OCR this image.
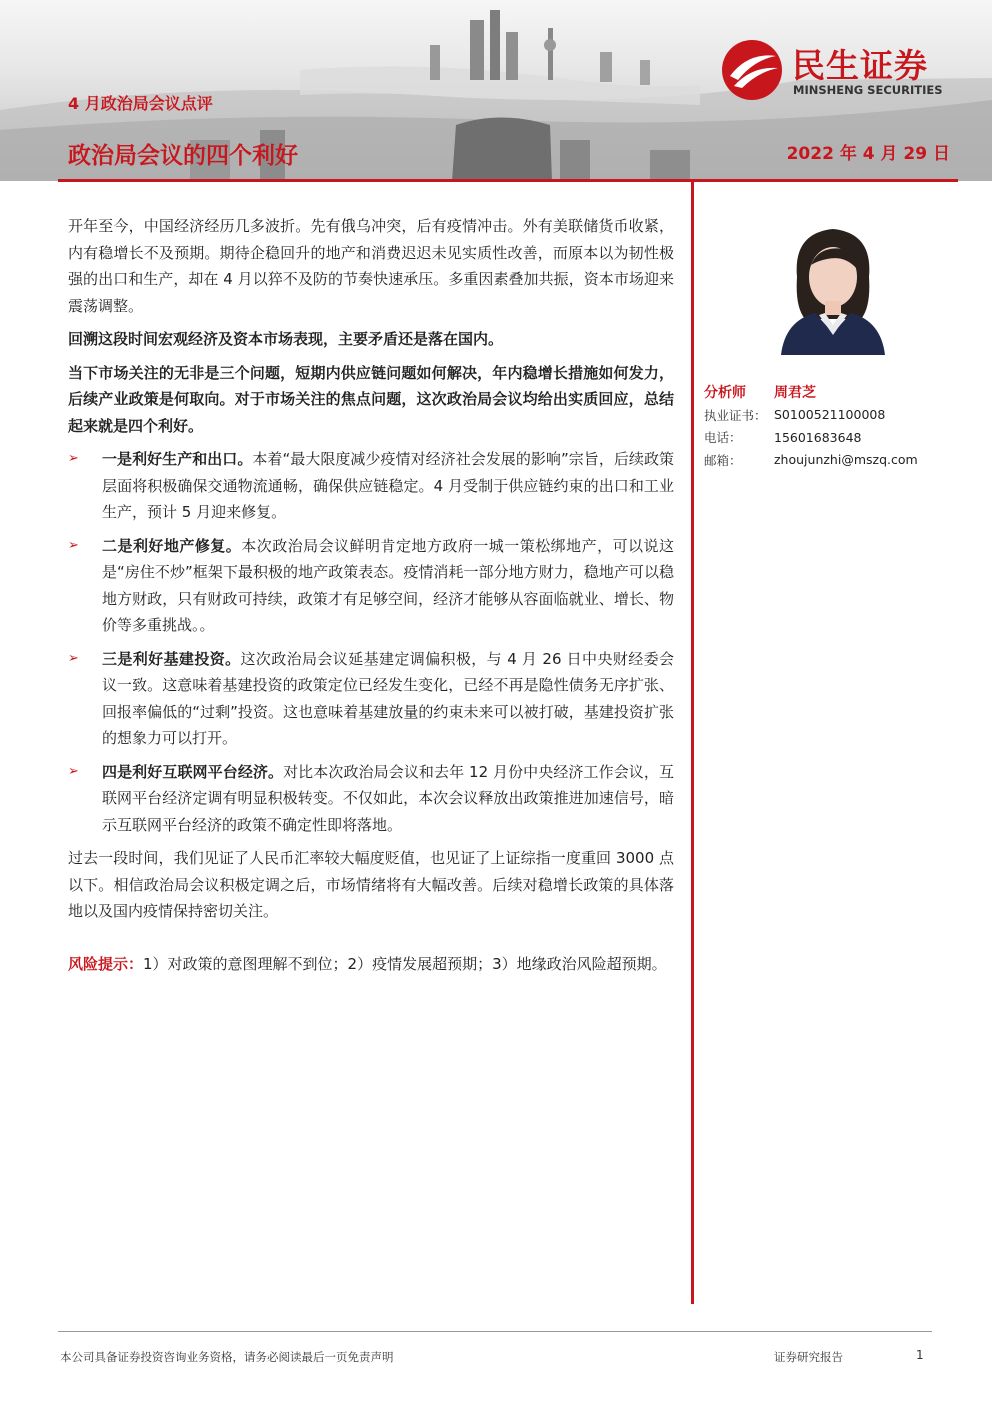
民生证券
MINSHENG SECURITIES
4 月政治局会议点评
政治局会议的四个利好	2022 年 4 月 29 日

开年至今，中国经济经历几多波折。先有俄乌冲突，后有疫情冲击。外有美联储货币收紧，内有稳增长不及预期。期待企稳回升的地产和消费迟迟未见实质性改善，而原本以为韧性极强的出口和生产，却在 4 月以猝不及防的节奏快速承压。多重因素叠加共振，资本市场迎来震荡调整。

回溯这段时间宏观经济及资本市场表现，主要矛盾还是落在国内。

当下市场关注的无非是三个问题，短期内供应链问题如何解决，年内稳增长措施如何发力，后续产业政策是何取向。对于市场关注的焦点问题，这次政治局会议均给出实质回应，总结起来就是四个利好。

➢	一是利好生产和出口。本着“最大限度减少疫情对经济社会发展的影响”宗旨，后续政策层面将积极确保交通物流通畅，确保供应链稳定。4 月受制于供应链约束的出口和工业生产，预计 5 月迎来修复。
➢	二是利好地产修复。本次政治局会议鲜明肯定地方政府一城一策松绑地产，可以说这是“房住不炒”框架下最积极的地产政策表态。疫情消耗一部分地方财力，稳地产可以稳地方财政，只有财政可持续，政策才有足够空间，经济才能够从容面临就业、增长、物价等多重挑战。。
➢	三是利好基建投资。这次政治局会议延基建定调偏积极，与 4 月 26 日中央财经委会议一致。这意味着基建投资的政策定位已经发生变化，已经不再是隐性债务无序扩张、回报率偏低的“过剩”投资。这也意味着基建放量的约束未来可以被打破，基建投资扩张的想象力可以打开。
➢	四是利好互联网平台经济。对比本次政治局会议和去年 12 月份中央经济工作会议，互联网平台经济定调有明显积极转变。不仅如此，本次会议释放出政策推进加速信号，暗示互联网平台经济的政策不确定性即将落地。

过去一段时间，我们见证了人民币汇率较大幅度贬值，也见证了上证综指一度重回 3000 点以下。相信政治局会议积极定调之后，市场情绪将有大幅改善。后续对稳增长政策的具体落地以及国内疫情保持密切关注。

风险提示：1）对政策的意图理解不到位；2）疫情发展超预期；3）地缘政治风险超预期。

分析师	周君芝
执业证书： S0100521100008
电话：	15601683648
邮箱：	zhoujunzhi@mszq.com
本公司具备证券投资咨询业务资格，请务必阅读最后一页免责声明	证券研究报告	1
